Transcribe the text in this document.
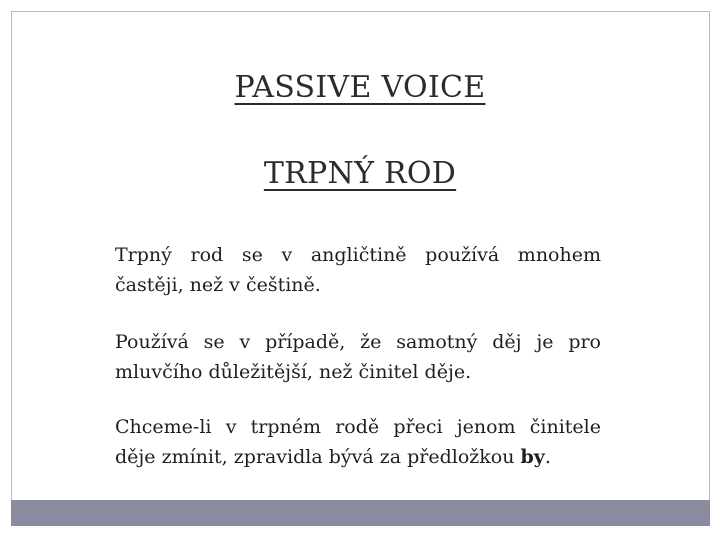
PASSIVE VOICE
TRPNÝ ROD
Trpný rod se v angličtině používá mnohem
častěji, než v češtině.
Používá se v případě, že samotný děj je pro
mluvčího důležitější, než činitel děje.
Chceme-li v trpném rodě přeci jenom činitele
děje zmínit, zpravidla bývá za předložkou by.
